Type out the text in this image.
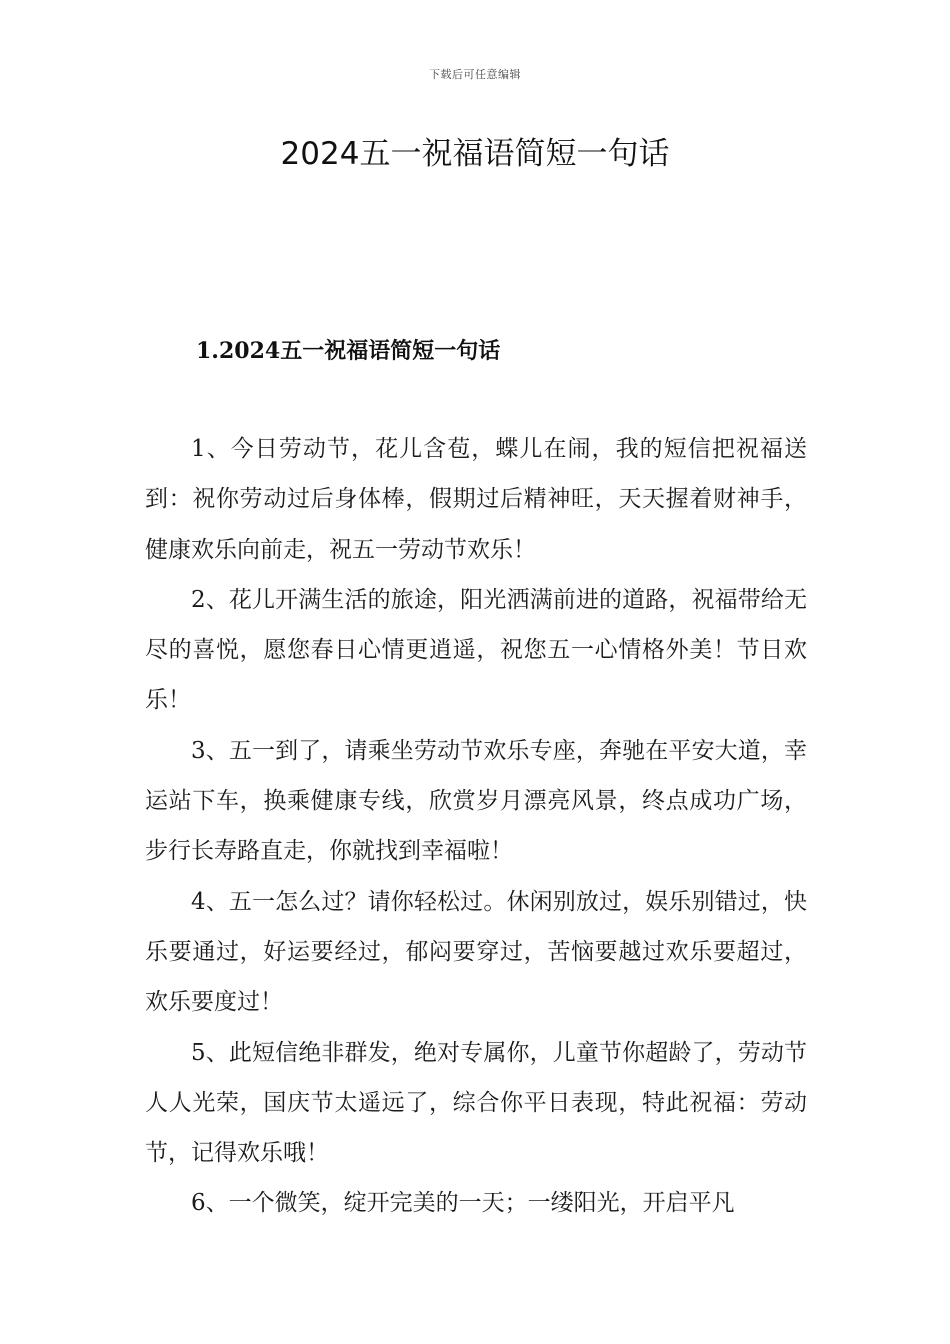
下载后可任意编辑
2024五一祝福语简短一句话
1.2024五一祝福语简短一句话

1、今日劳动节，花儿含苞，蝶儿在闹，我的短信把祝福送到：祝你劳动过后身体棒，假期过后精神旺，天天握着财神手，健康欢乐向前走，祝五一劳动节欢乐！

2、花儿开满生活的旅途，阳光洒满前进的道路，祝福带给无尽的喜悦，愿您春日心情更逍遥，祝您五一心情格外美！节日欢乐！

3、五一到了，请乘坐劳动节欢乐专座，奔驰在平安大道，幸运站下车，换乘健康专线，欣赏岁月漂亮风景，终点成功广场，步行长寿路直走，你就找到幸福啦！

4、五一怎么过？请你轻松过。休闲别放过，娱乐别错过，快乐要通过，好运要经过，郁闷要穿过，苦恼要越过欢乐要超过，欢乐要度过！

5、此短信绝非群发，绝对专属你，儿童节你超龄了，劳动节人人光荣，国庆节太遥远了，综合你平日表现，特此祝福：劳动节，记得欢乐哦！

6、一个微笑，绽开完美的一天；一缕阳光，开启平凡
